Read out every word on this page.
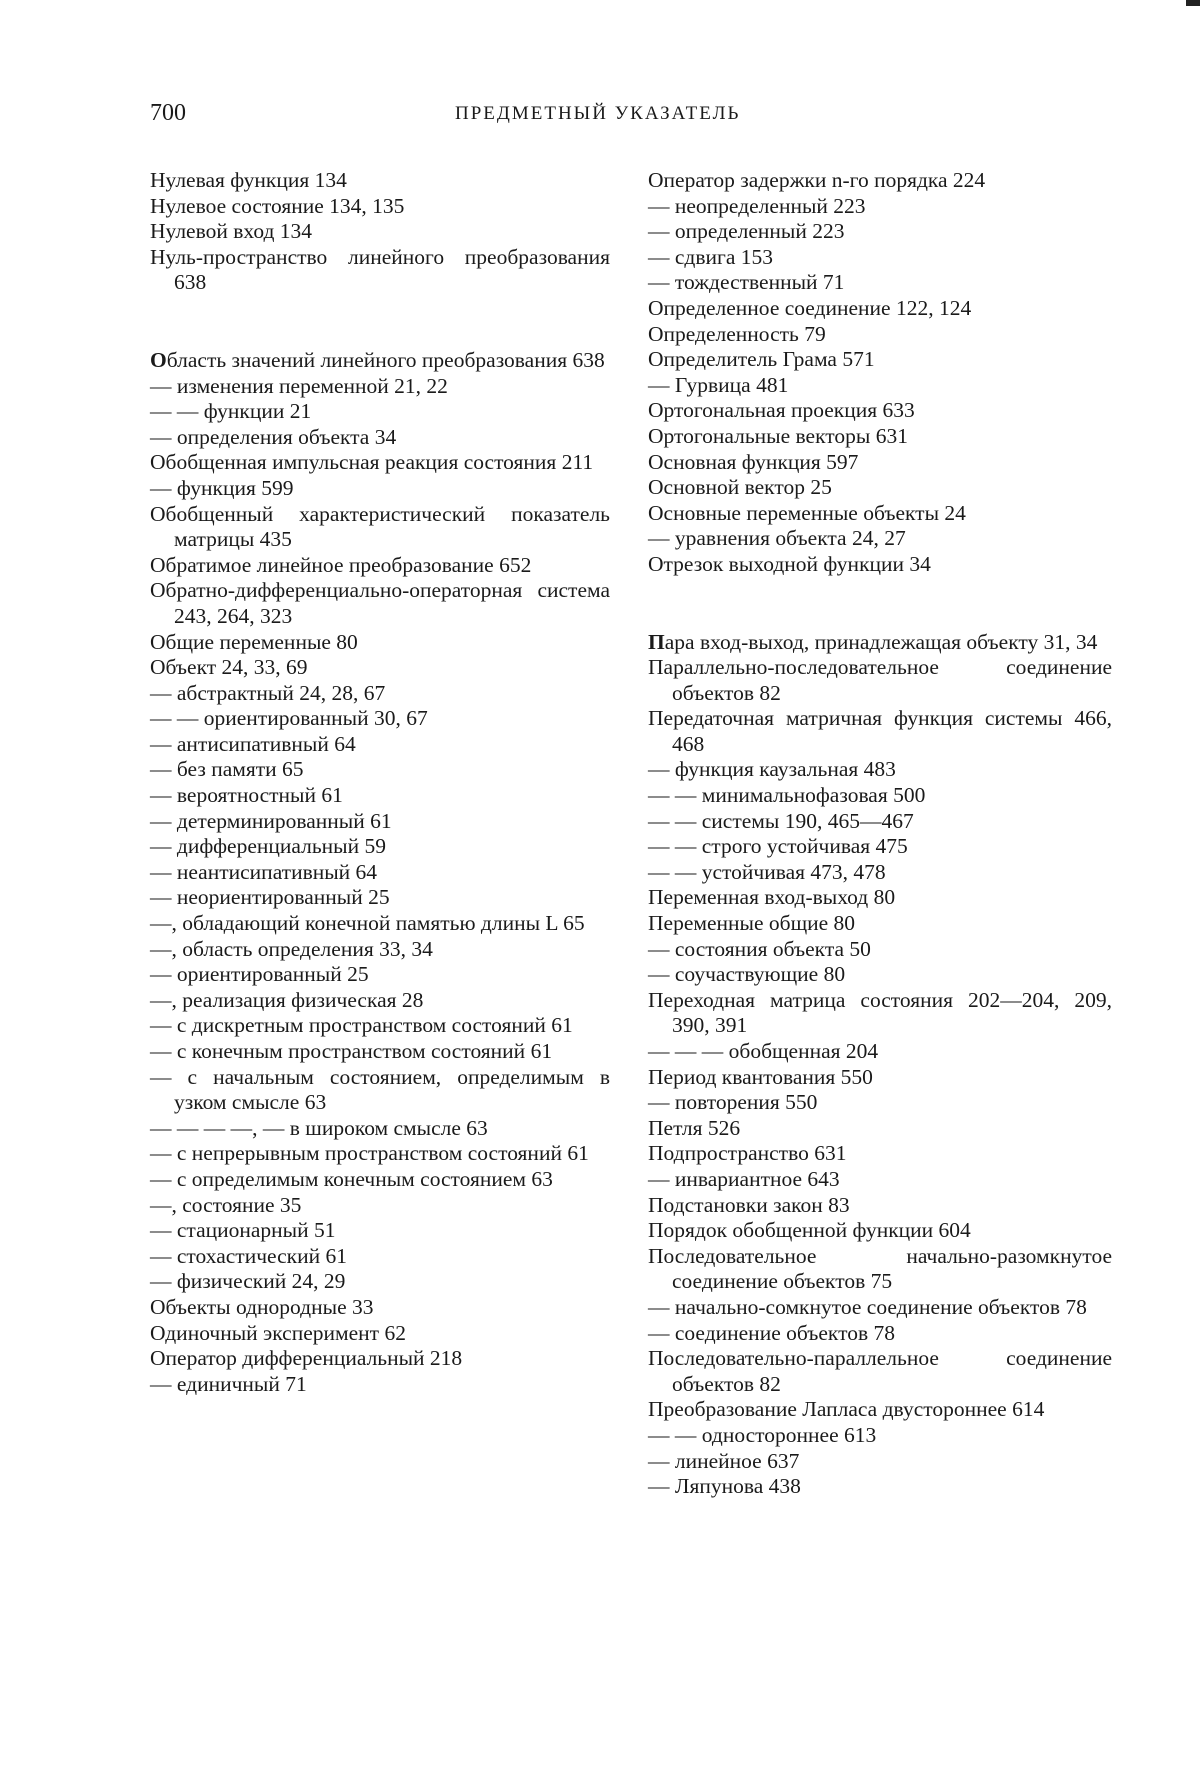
700	ПРЕДМЕТНЫЙ УКАЗАТЕЛЬ
Нулевая функция 134
Нулевое состояние 134, 135
Нулевой вход 134
Нуль-пространство линейного преобразования 638
Область значений линейного преобразования 638
— изменения переменной 21, 22
— — функции 21
— определения объекта 34
Обобщенная импульсная реакция состояния 211
— функция 599
Обобщенный характеристический показатель матрицы 435
Обратимое линейное преобразование 652
Обратно-дифференциально-операторная система 243, 264, 323
Общие переменные 80
Объект 24, 33, 69
— абстрактный 24, 28, 67
— — ориентированный 30, 67
— антисипативный 64
— без памяти 65
— вероятностный 61
— детерминированный 61
— дифференциальный 59
— неантисипативный 64
— неориентированный 25
—, обладающий конечной памятью длины L 65
—, область определения 33, 34
— ориентированный 25
—, реализация физическая 28
— с дискретным пространством состояний 61
— с конечным пространством состояний 61
— с начальным состоянием, определимым в узком смысле 63
— — — —, — в широком смысле 63
— с непрерывным пространством состояний 61
— с определимым конечным состоянием 63
—, состояние 35
— стационарный 51
— стохастический 61
— физический 24, 29
Объекты однородные 33
Одиночный эксперимент 62
Оператор дифференциальный 218
— единичный 71
Оператор задержки n-го порядка 224
— неопределенный 223
— определенный 223
— сдвига 153
— тождественный 71
Определенное соединение 122, 124
Определенность 79
Определитель Грама 571
— Гурвица 481
Ортогональная проекция 633
Ортогональные векторы 631
Основная функция 597
Основной вектор 25
Основные переменные объекты 24
— уравнения объекта 24, 27
Отрезок выходной функции 34
Пара вход-выход, принадлежащая объекту 31, 34
Параллельно-последовательное соединение объектов 82
Передаточная матричная функция системы 466, 468
— функция каузальная 483
— — минимальнофазовая 500
— — системы 190, 465—467
— — строго устойчивая 475
— — устойчивая 473, 478
Переменная вход-выход 80
Переменные общие 80
— состояния объекта 50
— соучаствующие 80
Переходная матрица состояния 202—204, 209, 390, 391
— — — обобщенная 204
Период квантования 550
— повторения 550
Петля 526
Подпространство 631
— инвариантное 643
Подстановки закон 83
Порядок обобщенной функции 604
Последовательное начально-разомкнутое соединение объектов 75
— начально-сомкнутое соединение объектов 78
— соединение объектов 78
Последовательно-параллельное соединение объектов 82
Преобразование Лапласа двустороннее 614
— — одностороннее 613
— линейное 637
— Ляпунова 438
